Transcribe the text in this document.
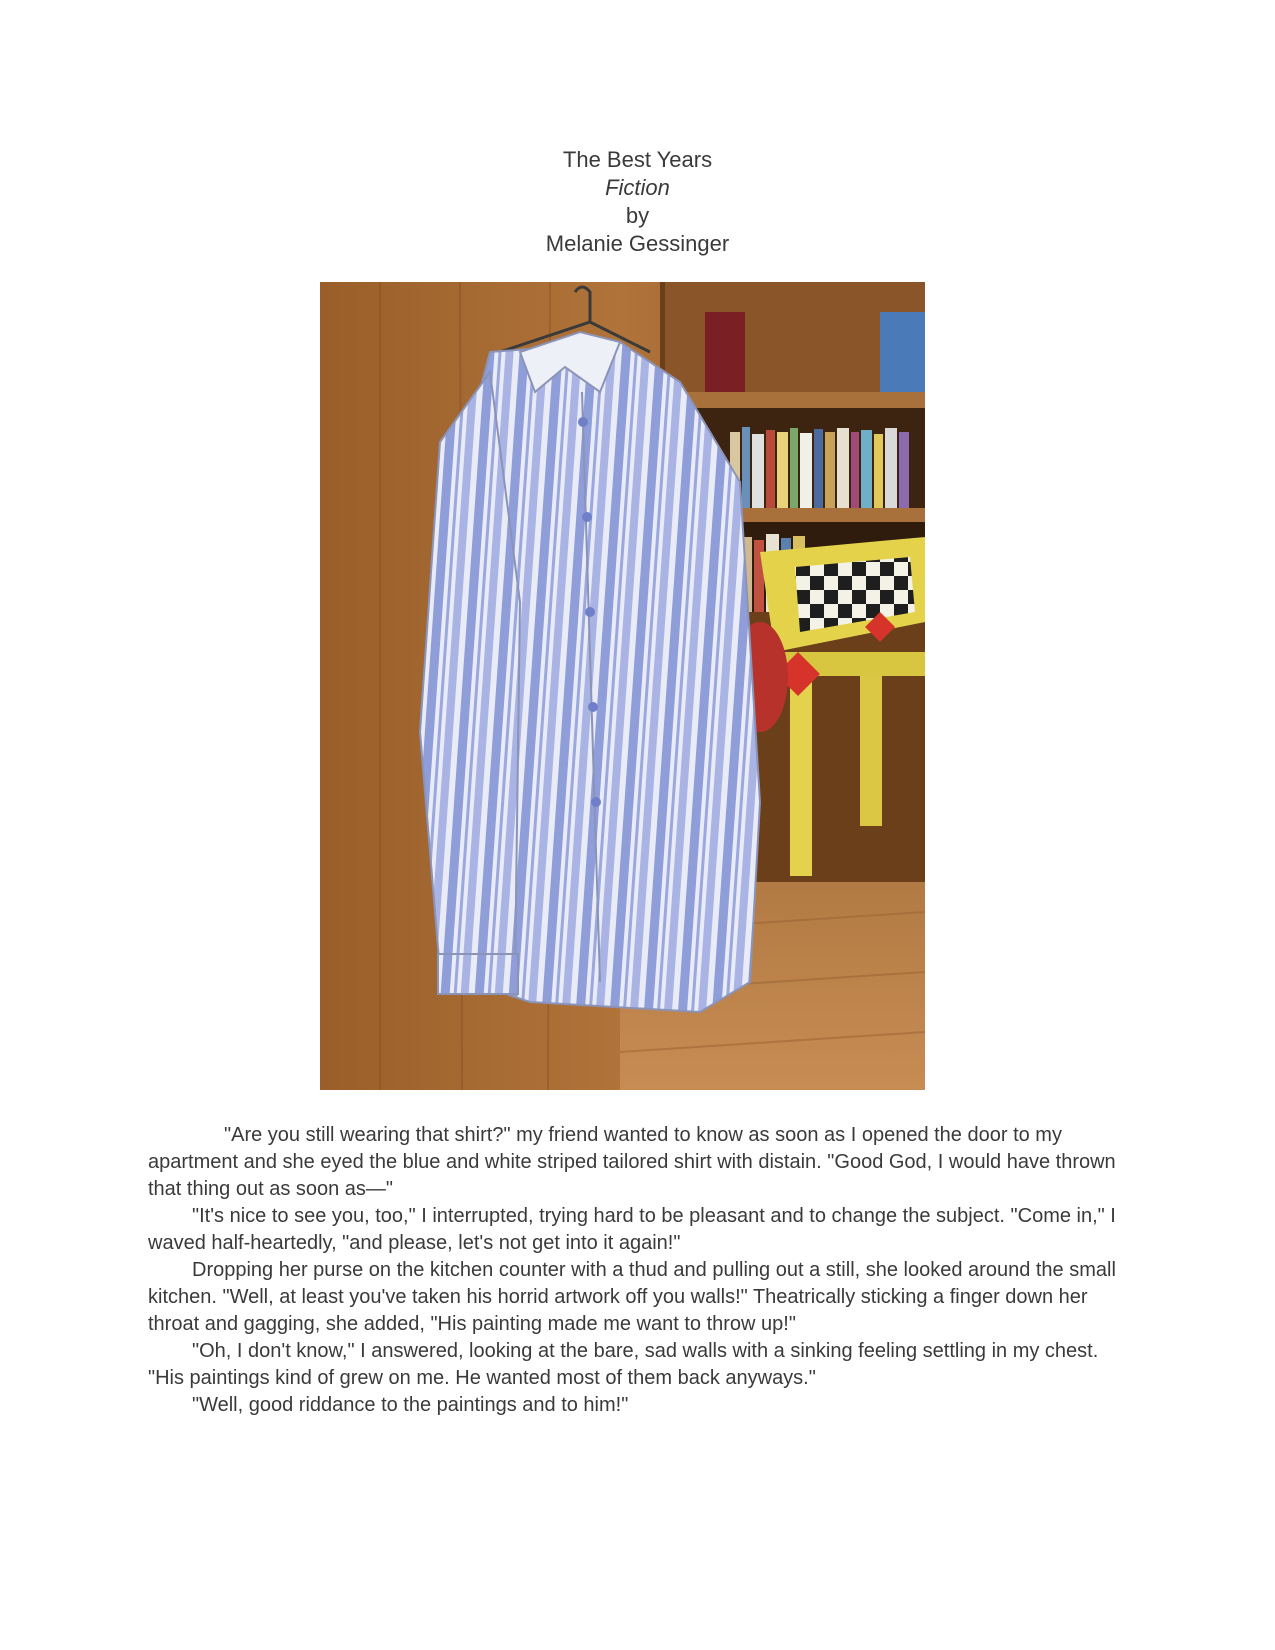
The Best Years
Fiction
by
Melanie Gessinger

"Are you still wearing that shirt?" my friend wanted to know as soon as I opened the door to my apartment and she eyed the blue and white striped tailored shirt with distain. "Good God, I would have thrown that thing out as soon as—"

"It's nice to see you, too," I interrupted, trying hard to be pleasant and to change the subject. "Come in," I waved half-heartedly, "and please, let's not get into it again!"

Dropping her purse on the kitchen counter with a thud and pulling out a still, she looked around the small kitchen. "Well, at least you've taken his horrid artwork off you walls!" Theatrically sticking a finger down her throat and gagging, she added, "His painting made me want to throw up!"

"Oh, I don't know," I answered, looking at the bare, sad walls with a sinking feeling settling in my chest. "His paintings kind of grew on me. He wanted most of them back anyways."

"Well, good riddance to the paintings and to him!"
